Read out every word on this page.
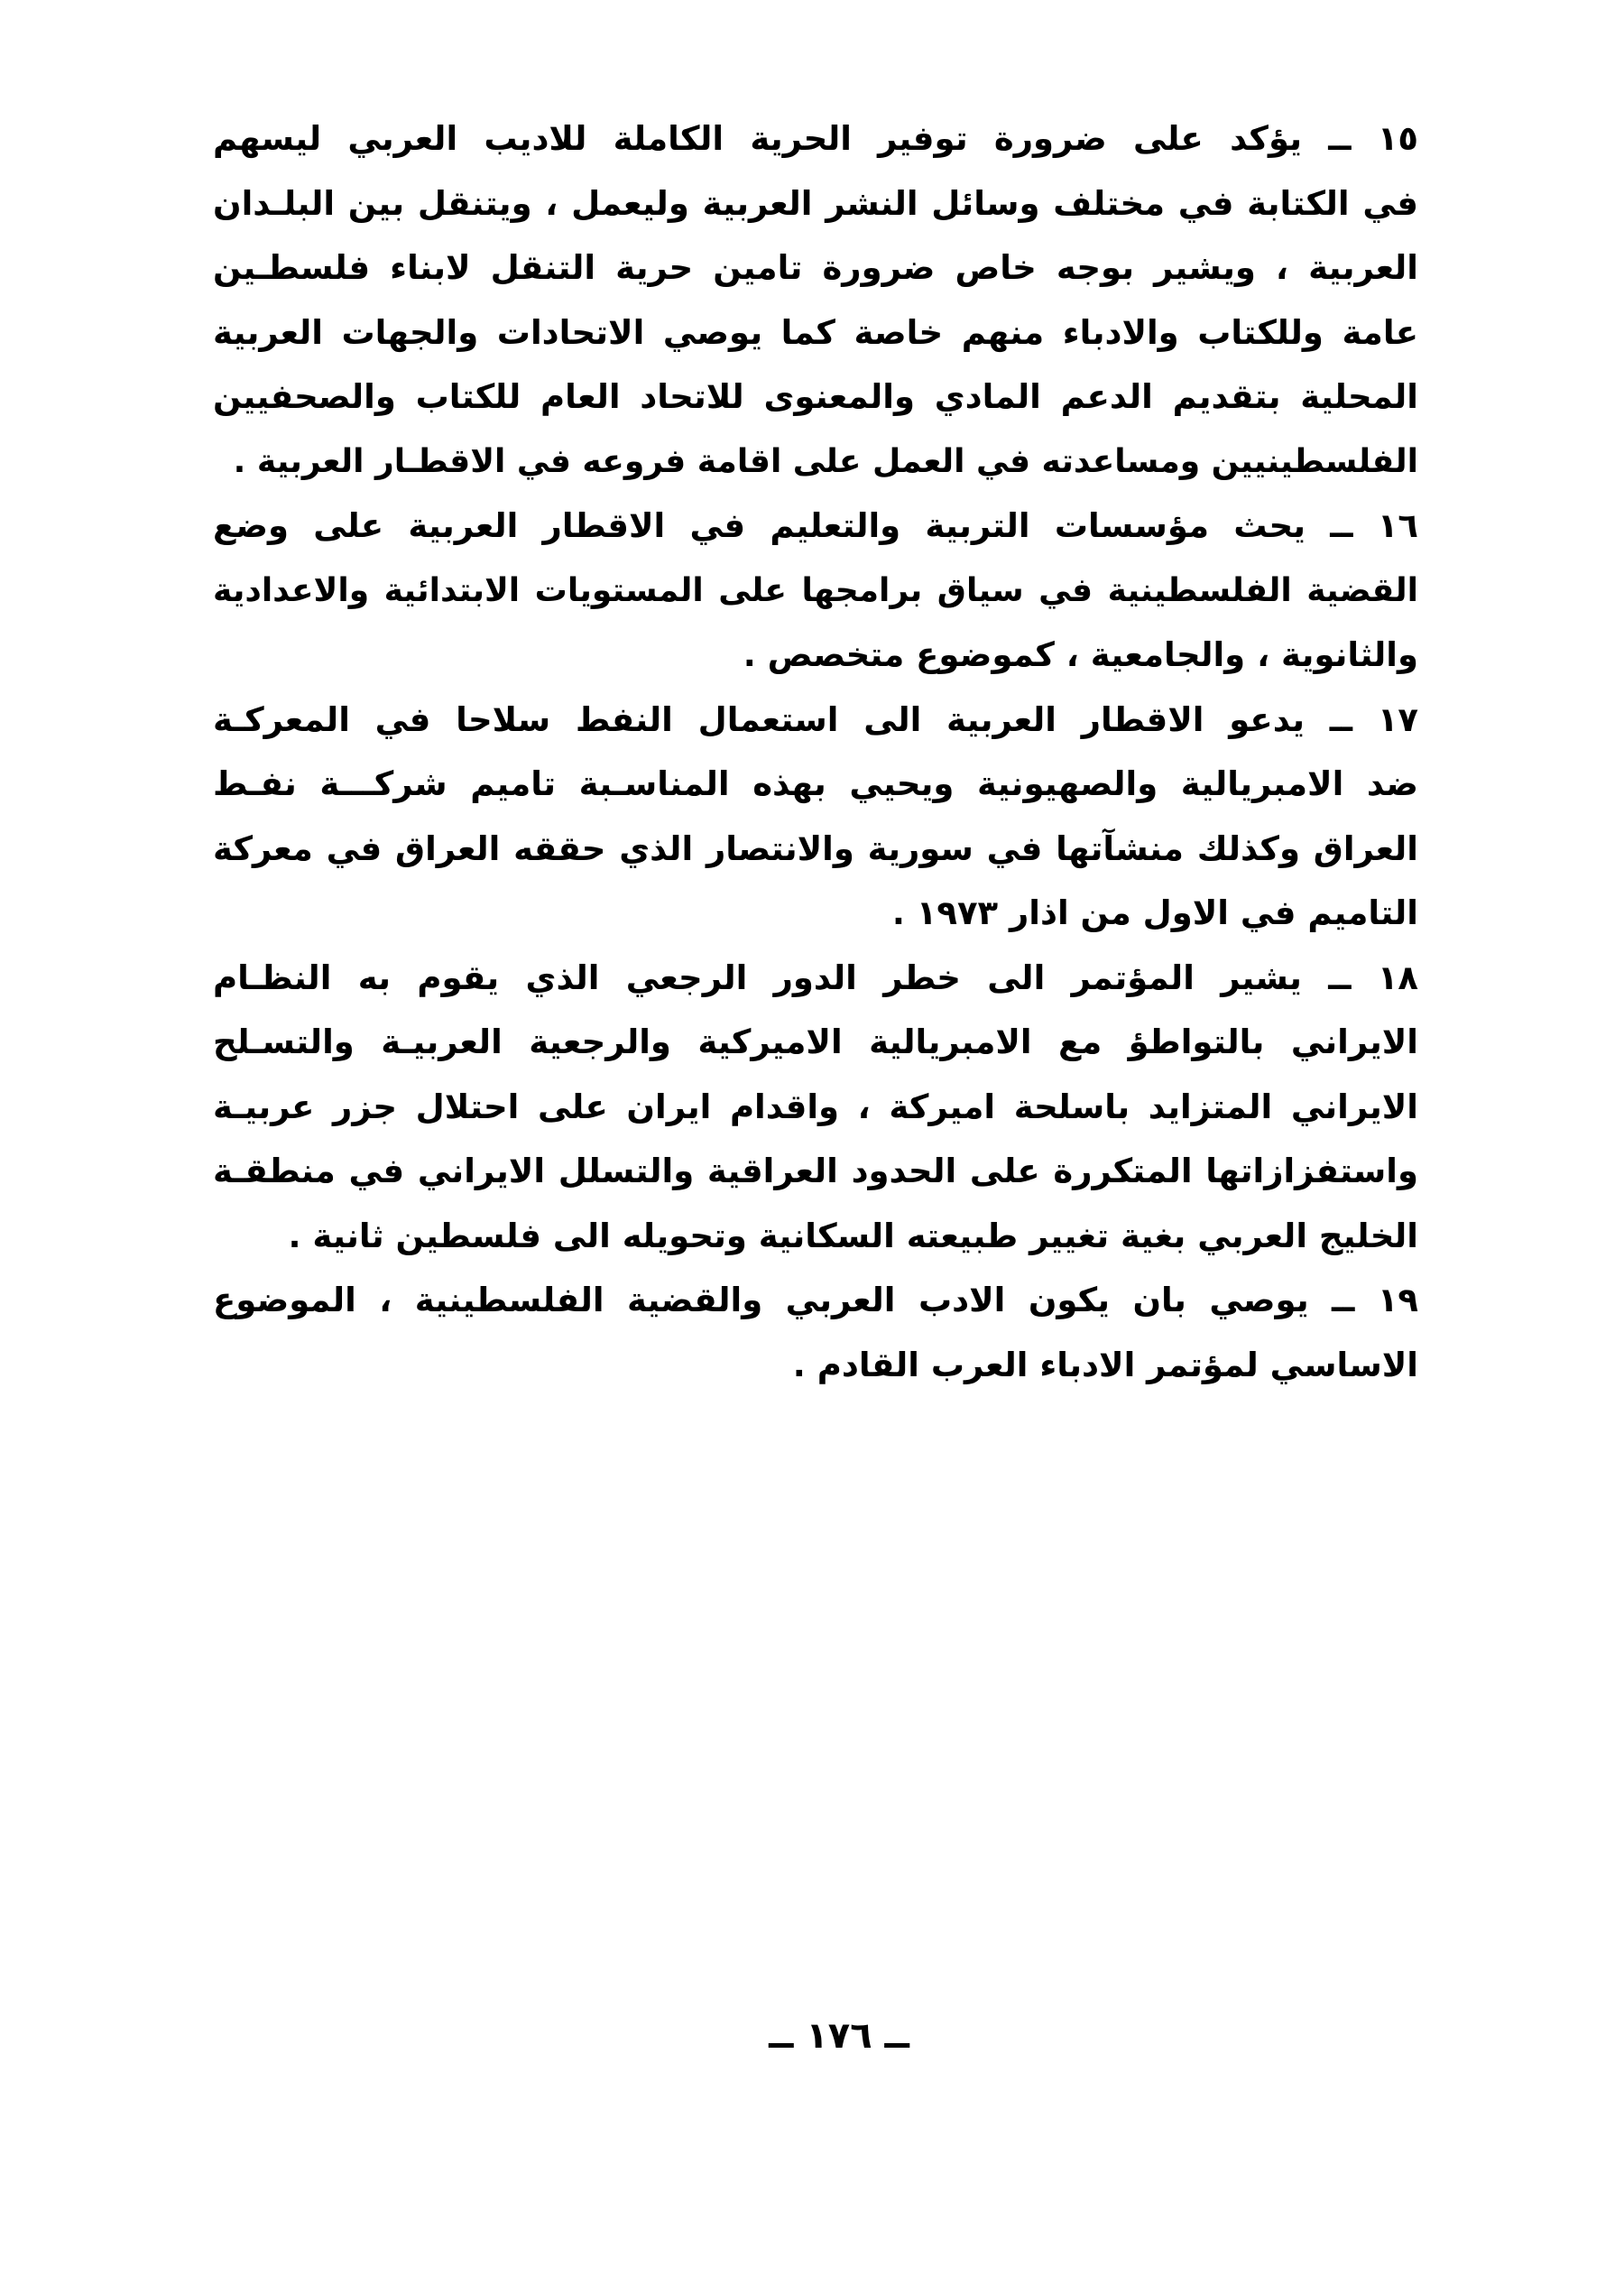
١٥ ــ يؤكد على ضرورة توفير الحرية الكاملة للاديب العربي ليسهم
في الكتابة في مختلف وسائل النشر العربية وليعمل ، ويتنقل بين البلـدان
العربية ، ويشير بوجه خاص ضرورة تامين حرية التنقل لابناء فلسطـين
عامة وللكتاب والادباء منهم خاصة كما يوصي الاتحادات والجهات العربية
المحلية بتقديم الدعم المادي والمعنوى للاتحاد العام للكتاب والصحفيين
الفلسطينيين ومساعدته في العمل على اقامة فروعه في الاقطـار العربية .
١٦ ــ يحث مؤسسات التربية والتعليم في الاقطار العربية على وضع
القضية الفلسطينية في سياق برامجها على المستويات الابتدائية والاعدادية
والثانوية ، والجامعية ، كموضوع متخصص .
١٧ ــ يدعو الاقطار العربية الى استعمال النفط سلاحا في المعركـة
ضد الامبريالية والصهيونية ويحيي بهذه المناسـبة تاميم شركـــة نفـط
العراق وكذلك منشآتها في سورية والانتصار الذي حققه العراق في معركة
التاميم في الاول من اذار ١٩٧٣ .
١٨ ــ يشير المؤتمر الى خطر الدور الرجعي الذي يقوم به النظـام
الايراني بالتواطؤ مع الامبريالية الاميركية والرجعية العربيـة والتسـلح
الايراني المتزايد باسلحة اميركة ، واقدام ايران على احتلال جزر عربيـة
واستفزازاتها المتكررة على الحدود العراقية والتسلل الايراني في منطقـة
الخليج العربي بغية تغيير طبيعته السكانية وتحويله الى فلسطين ثانية .
١٩ ــ يوصي بان يكون الادب العربي والقضية الفلسطينية ، الموضوع
الاساسي لمؤتمر الادباء العرب القادم .
ــ ١٧٦ ــ
